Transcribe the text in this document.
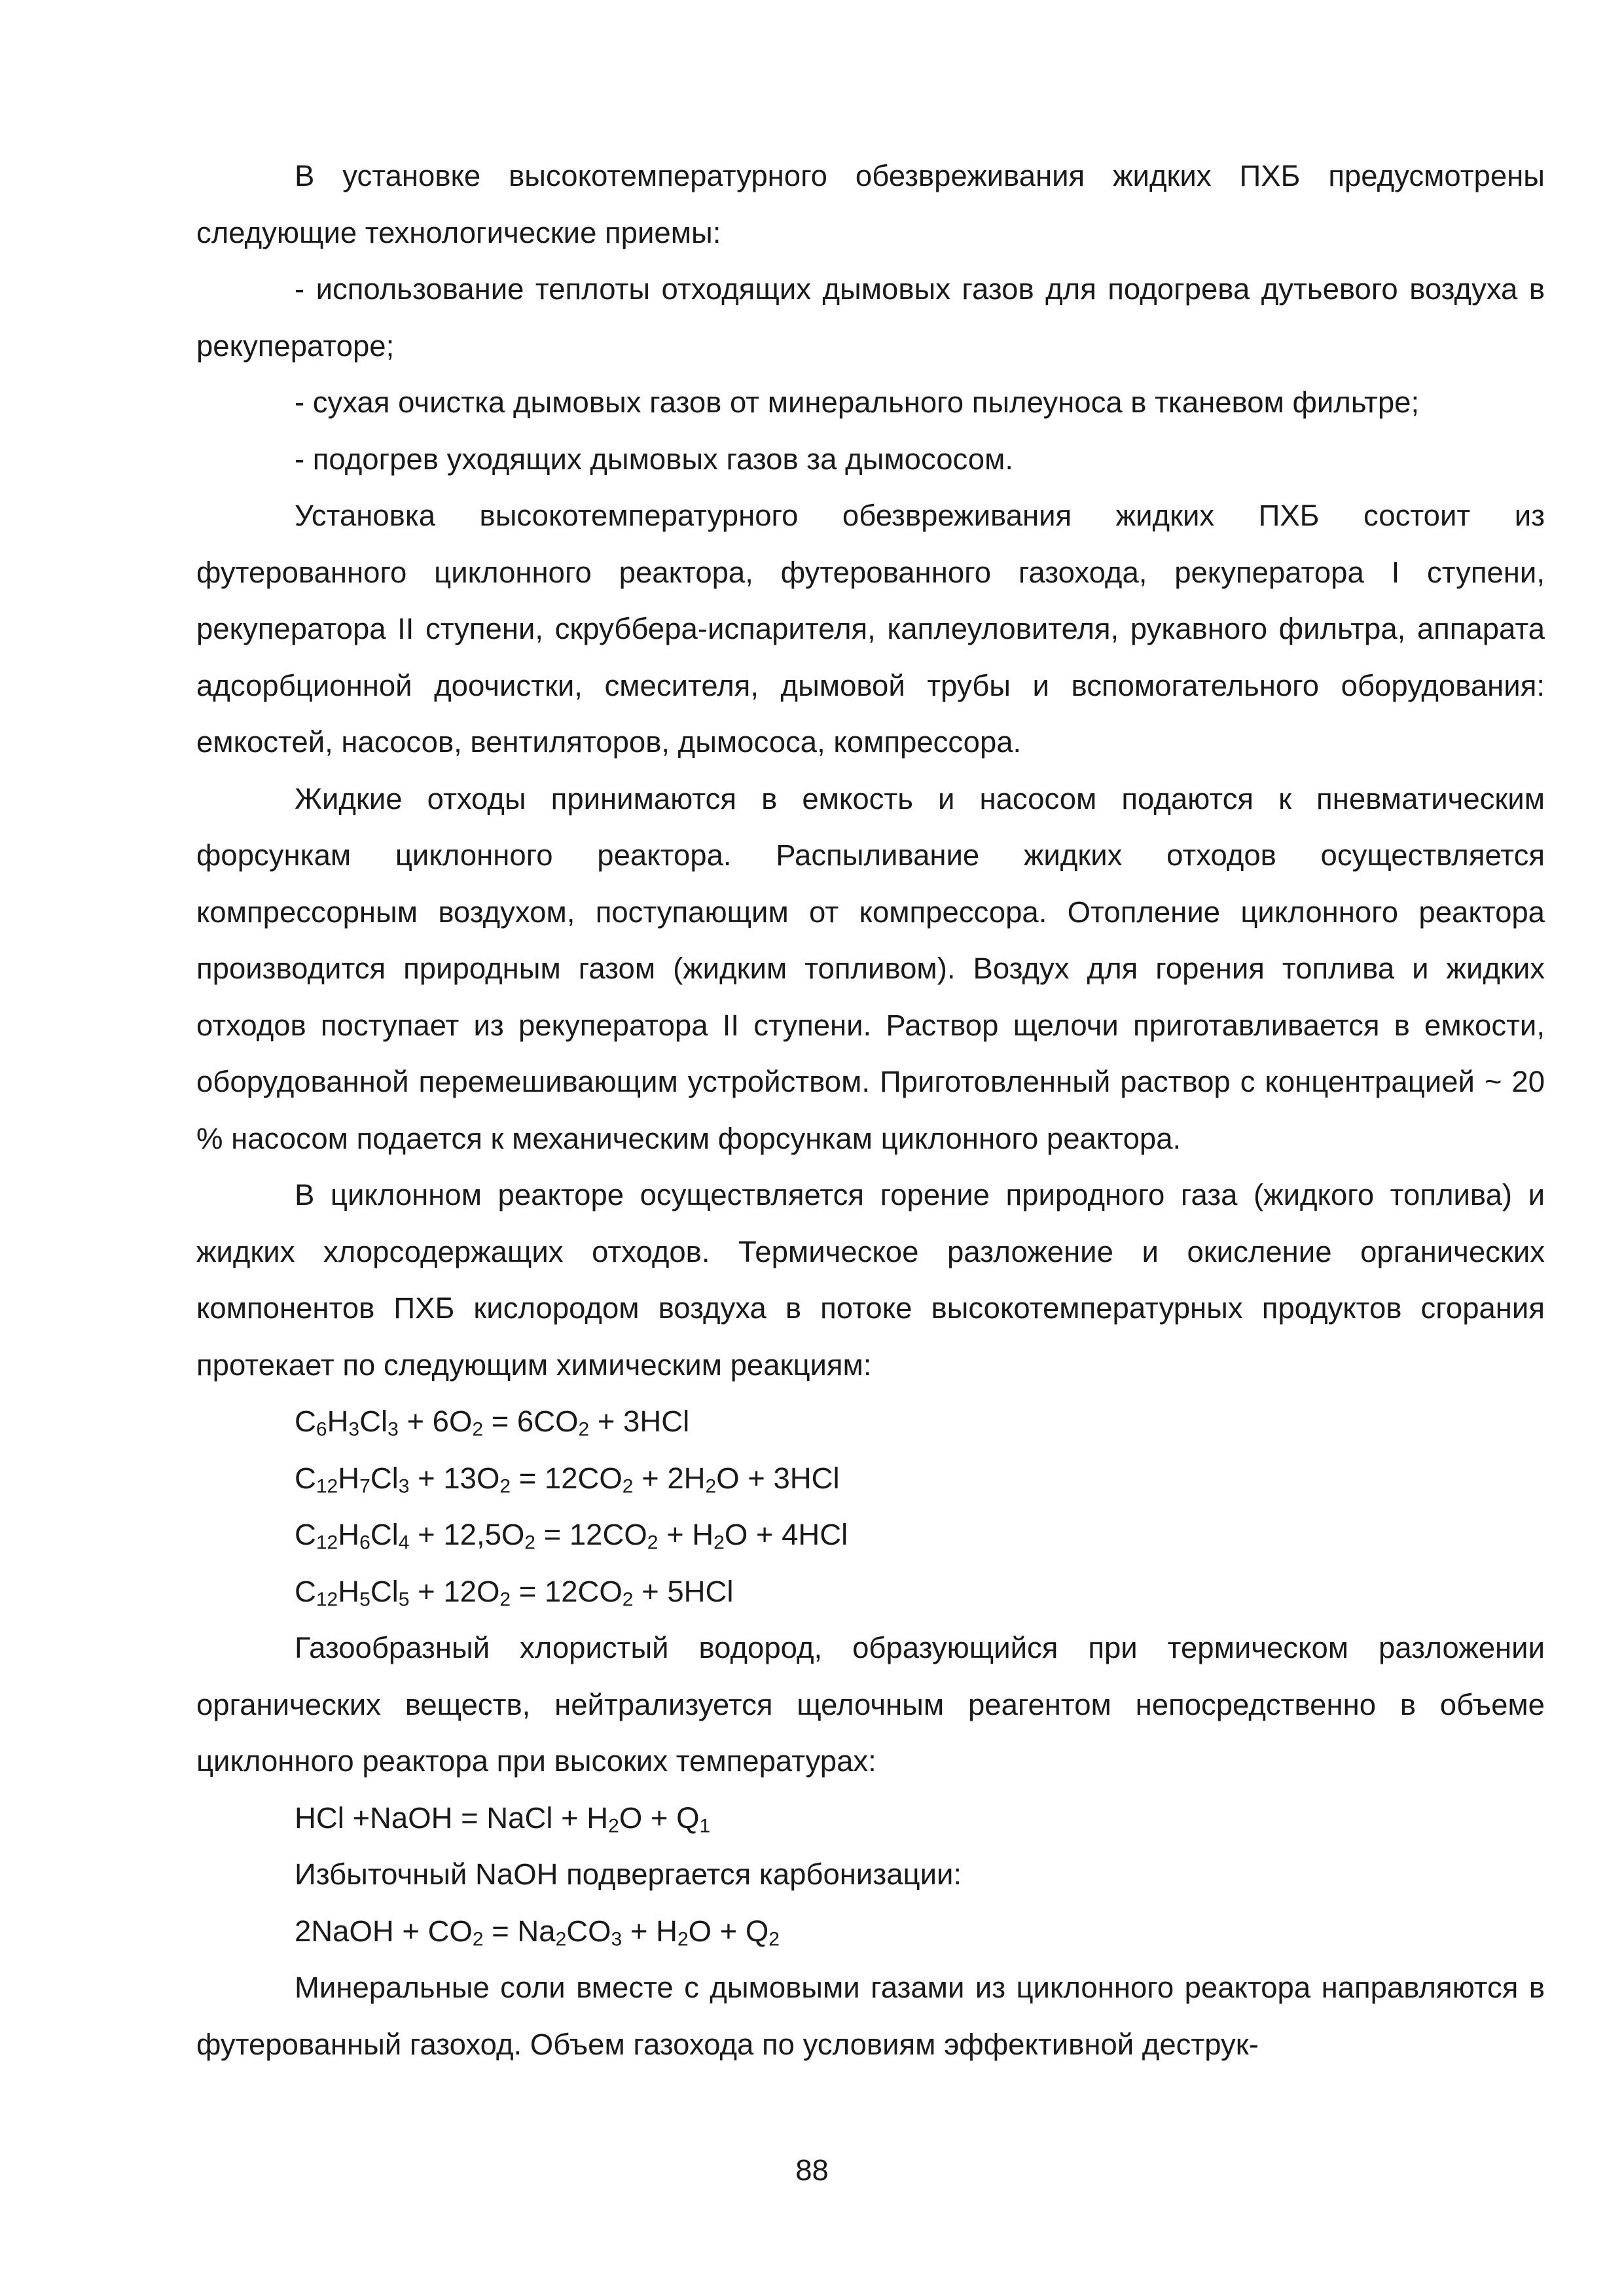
В установке высокотемпературного обезвреживания жидких ПХБ предусмотрены следующие технологические приемы:

- использование теплоты отходящих дымовых газов для подогрева дутьевого воздуха в рекуператоре;

- сухая очистка дымовых газов от минерального пылеуноса в тканевом фильтре;

- подогрев уходящих дымовых газов за дымососом.

Установка высокотемпературного обезвреживания жидких ПХБ состоит из футерованного циклонного реактора, футерованного газохода, рекуператора I ступени, рекуператора II ступени, скруббера-испарителя, каплеуловителя, рукавного фильтра, аппарата адсорбционной доочистки, смесителя, дымовой трубы и вспомогательного оборудования: емкостей, насосов, вентиляторов, дымососа, компрессора.

Жидкие отходы принимаются в емкость и насосом подаются к пневматическим форсункам циклонного реактора. Распыливание жидких отходов осуществляется компрессорным воздухом, поступающим от компрессора. Отопление циклонного реактора производится природным газом (жидким топливом). Воздух для горения топлива и жидких отходов поступает из рекуператора II ступени. Раствор щелочи приготавливается в емкости, оборудованной перемешивающим устройством. Приготовленный раствор с концентрацией ~ 20 % насосом подается к механическим форсункам циклонного реактора.

В циклонном реакторе осуществляется горение природного газа (жидкого топлива) и жидких хлорсодержащих отходов. Термическое разложение и окисление органических компонентов ПХБ кислородом воздуха в потоке высокотемпературных продуктов сгорания протекает по следующим химическим реакциям:

$C_6H_3Cl_3 + 6O_2 = 6CO_2 + 3HCl$

$C_{12}H_7Cl_3 + 13O_2 = 12CO_2 + 2H_2O + 3HCl$

$C_{12}H_6Cl_4 + 12,5O_2 = 12CO_2 + H_2O + 4HCl$

$C_{12}H_5Cl_5 + 12O_2 = 12CO_2 + 5HCl$

Газообразный хлористый водород, образующийся при термическом разложении органических веществ, нейтрализуется щелочным реагентом непосредственно в объеме циклонного реактора при высоких температурах:

HCl +NaOH = NaCl + $H_2O + Q_1$

Избыточный NaOH подвергается карбонизации:

2NaOH + $CO_2 = Na_2CO_3 + H_2O + Q_2$

Минеральные соли вместе с дымовыми газами из циклонного реактора направляются в футерованный газоход. Объем газохода по условиям эффективной деструк-

88
